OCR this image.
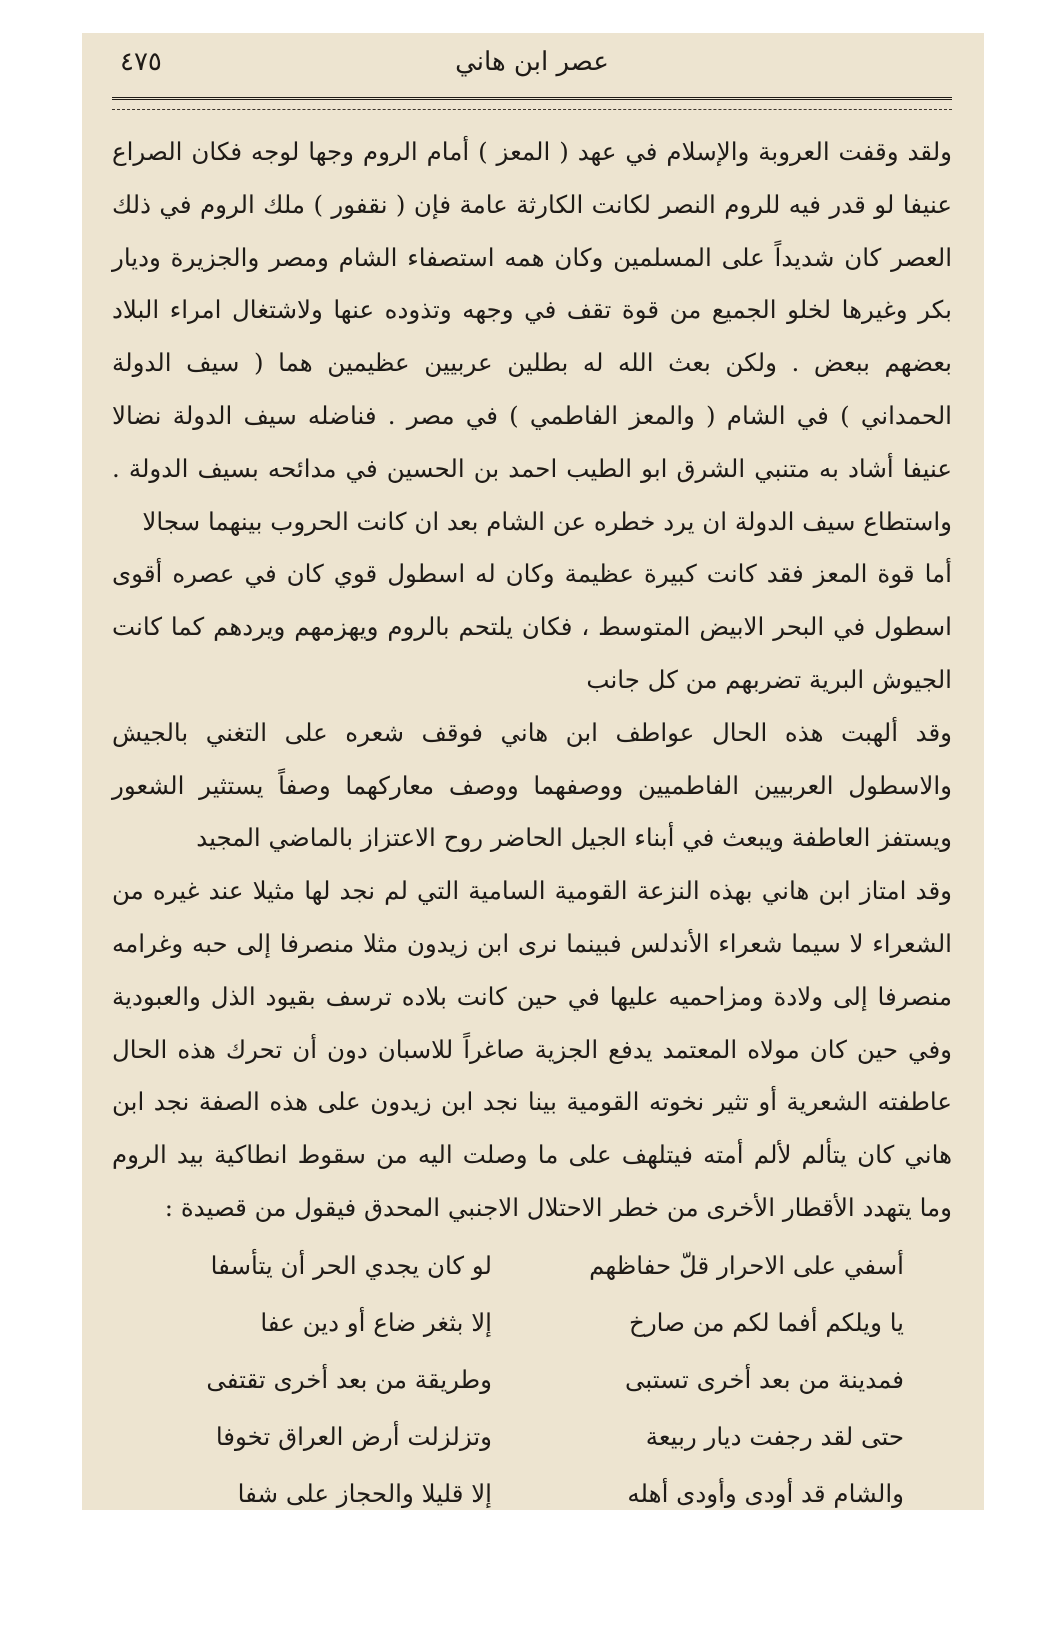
عصر ابن هاني
٤٧٥

ولقد وقفت العروبة والإسلام في عهد ( المعز ) أمام الروم وجها لوجه فكان الصراع عنيفا لو قدر فيه للروم النصر لكانت الكارثة عامة فإن ( نقفور ) ملك الروم في ذلك العصر كان شديداً على المسلمين وكان همه استصفاء الشام ومصر والجزيرة وديار بكر وغيرها لخلو الجميع من قوة تقف في وجهه وتذوده عنها ولاشتغال امراء البلاد بعضهم ببعض . ولكن بعث الله له بطلين عربيين عظيمين هما ( سيف الدولة الحمداني ) في الشام ( والمعز الفاطمي ) في مصر . فناضله سيف الدولة نضالا عنيفا أشاد به متنبي الشرق ابو الطيب احمد بن الحسين في مدائحه بسيف الدولة . واستطاع سيف الدولة ان يرد خطره عن الشام بعد ان كانت الحروب بينهما سجالا

أما قوة المعز فقد كانت كبيرة عظيمة وكان له اسطول قوي كان في عصره أقوى اسطول في البحر الابيض المتوسط ، فكان يلتحم بالروم ويهزمهم ويردهم كما كانت الجيوش البرية تضربهم من كل جانب

وقد ألهبت هذه الحال عواطف ابن هاني فوقف شعره على التغني بالجيش والاسطول العربيين الفاطميين ووصفهما ووصف معاركهما وصفاً يستثير الشعور ويستفز العاطفة ويبعث في أبناء الجيل الحاضر روح الاعتزاز بالماضي المجيد

وقد امتاز ابن هاني بهذه النزعة القومية السامية التي لم نجد لها مثيلا عند غيره من الشعراء لا سيما شعراء الأندلس فبينما نرى ابن زيدون مثلا منصرفا إلى حبه وغرامه منصرفا إلى ولادة ومزاحميه عليها في حين كانت بلاده ترسف بقيود الذل والعبودية وفي حين كان مولاه المعتمد يدفع الجزية صاغراً للاسبان دون أن تحرك هذه الحال عاطفته الشعرية أو تثير نخوته القومية بينا نجد ابن زيدون على هذه الصفة نجد ابن هاني كان يتألم لألم أمته فيتلهف على ما وصلت اليه من سقوط انطاكية بيد الروم وما يتهدد الأقطار الأخرى من خطر الاحتلال الاجنبي المحدق فيقول من قصيدة :

أسفي على الاحرار قلّ حفاظهم
لو كان يجدي الحر أن يتأسفا
يا ويلكم أفما لكم من صارخ
إلا بثغر ضاع أو دين عفا
فمدينة من بعد أخرى تستبى
وطريقة من بعد أخرى تقتفى
حتى لقد رجفت ديار ربيعة
وتزلزلت أرض العراق تخوفا
والشام قد أودى وأودى أهله
إلا قليلا والحجاز على شفا
